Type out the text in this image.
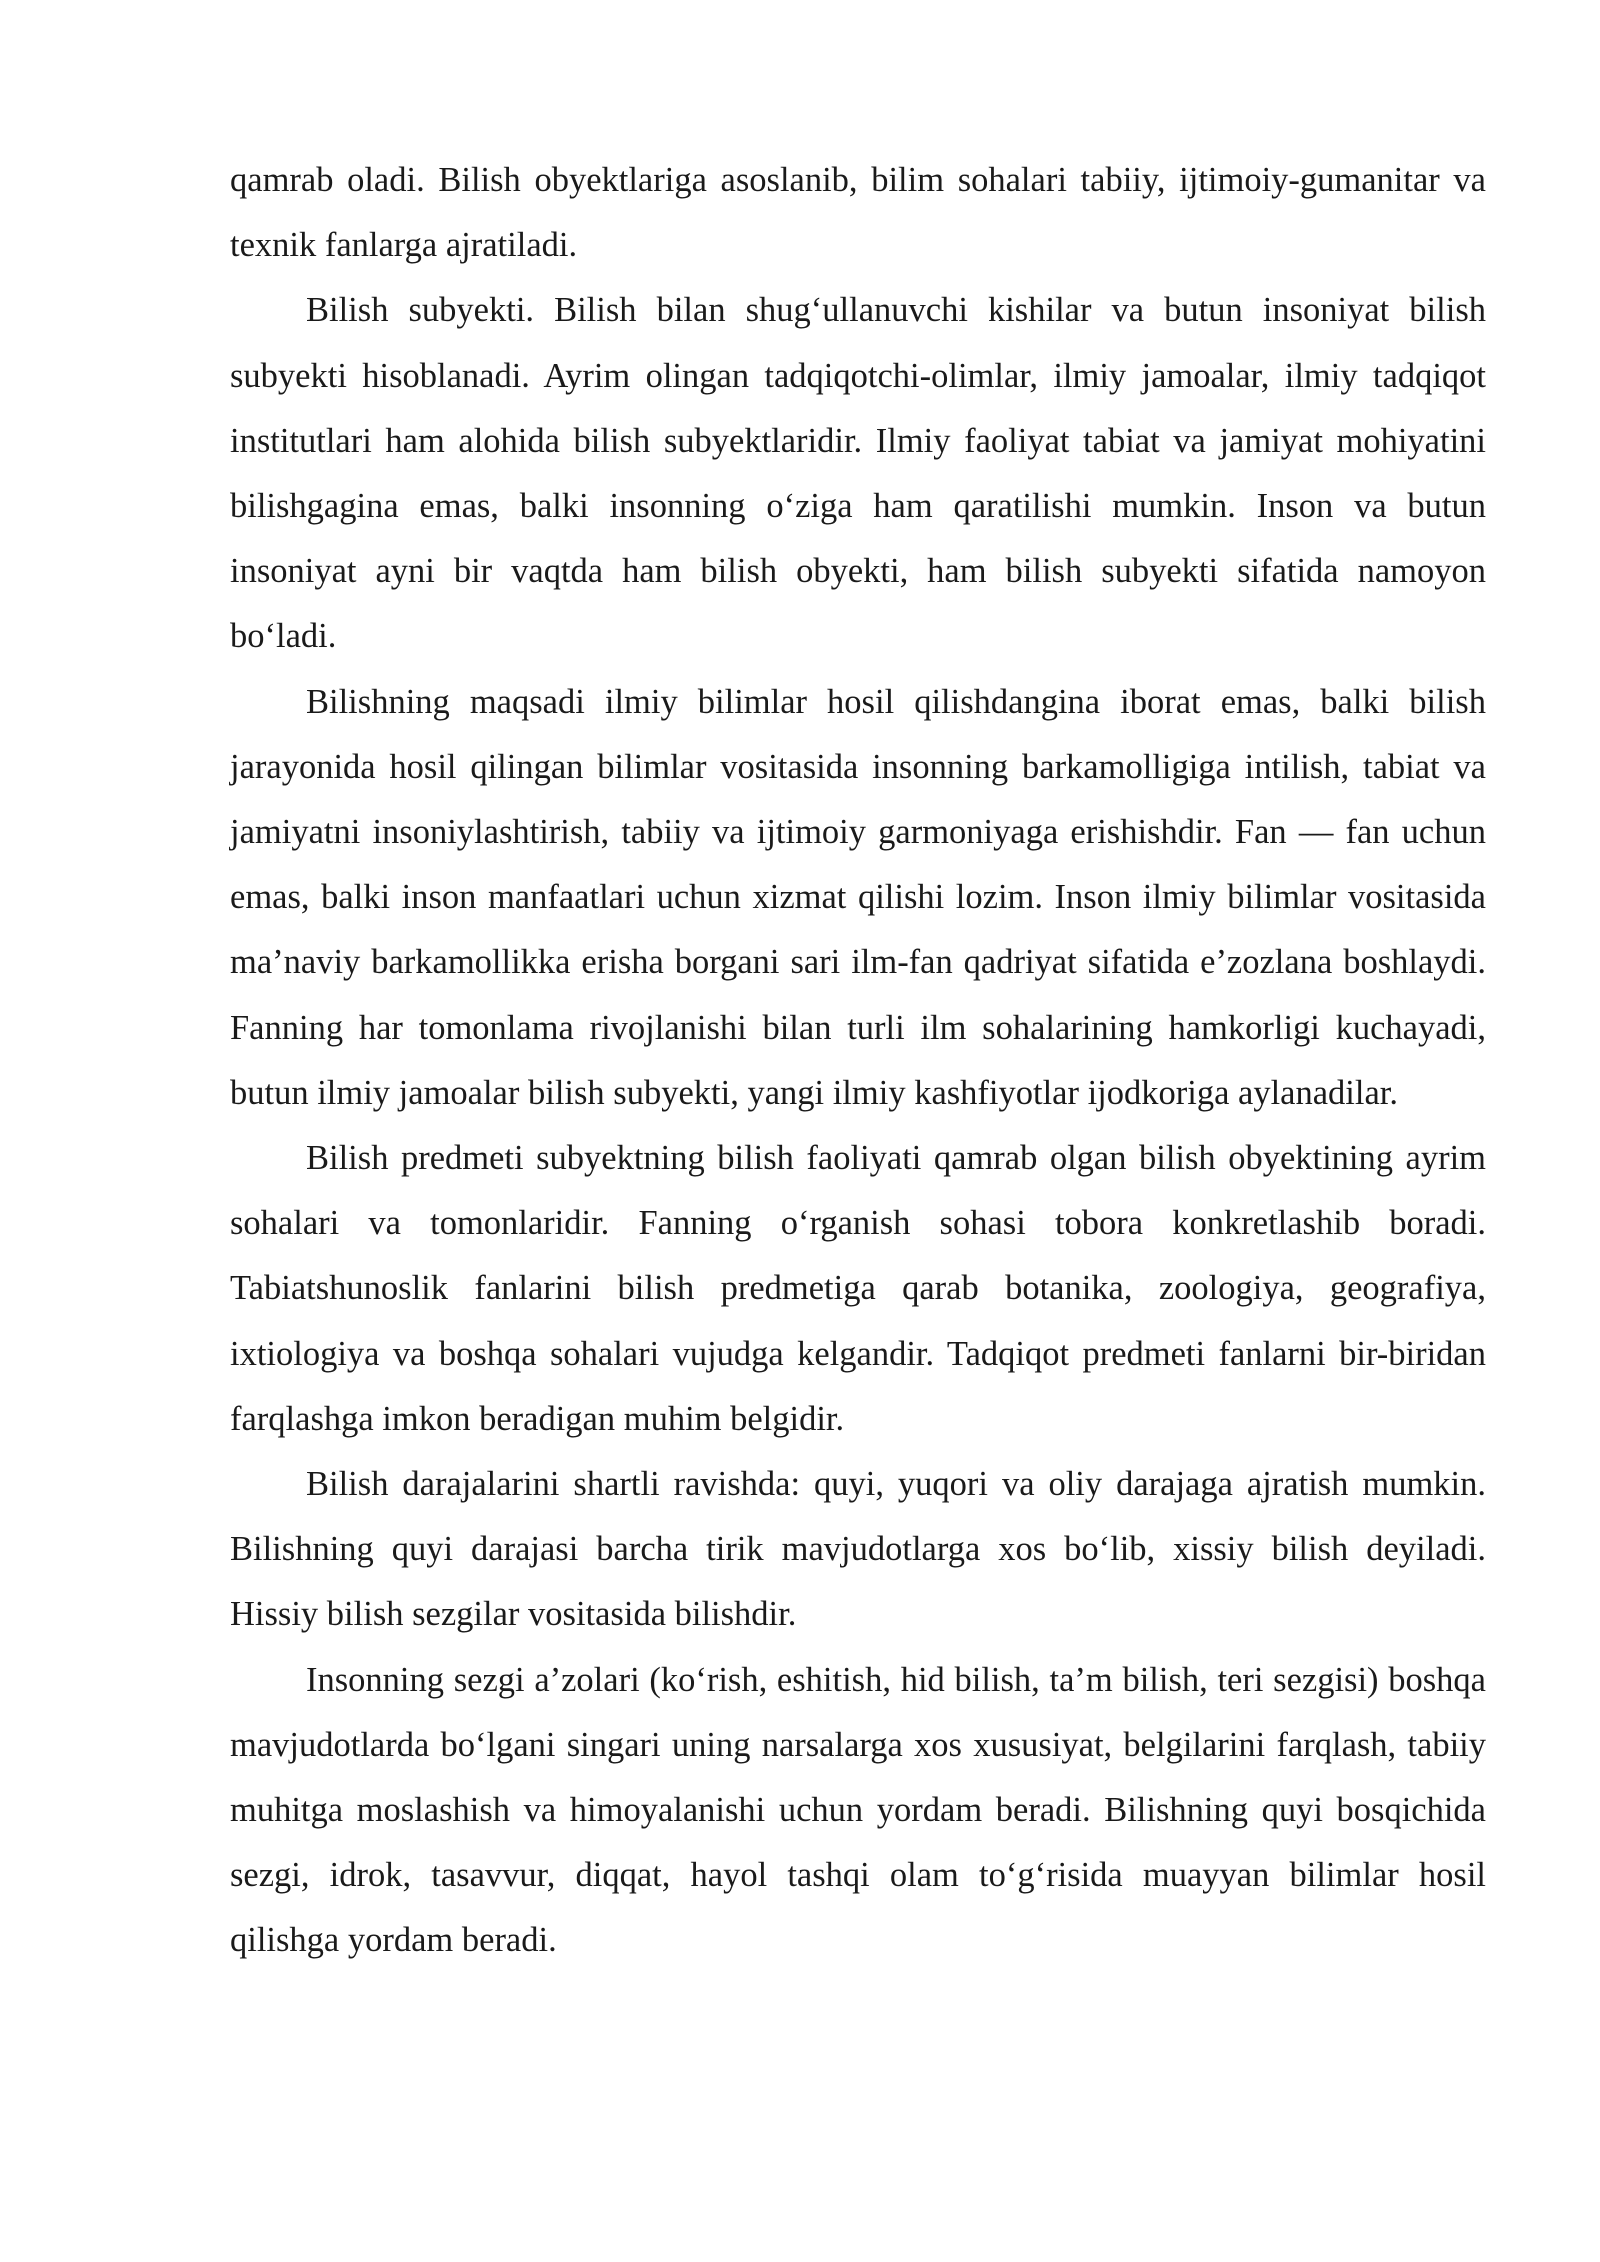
qamrab oladi. Bilish obyektlariga asoslanib, bilim sohalari tabiiy, ijtimoiy-gumanitar va texnik fanlarga ajratiladi.

Bilish subyekti. Bilish bilan shug‘ullanuvchi kishilar va butun insoniyat bilish subyekti hisoblanadi. Ayrim olingan tadqiqotchi-olimlar, ilmiy jamoalar, ilmiy tadqiqot institutlari ham alohida bilish subyektlaridir. Ilmiy faoliyat tabiat va jamiyat mohiyatini bilishgagina emas, balki insonning o‘ziga ham qaratilishi mumkin. Inson va butun insoniyat ayni bir vaqtda ham bilish obyekti, ham bilish subyekti sifatida namoyon bo‘ladi.

Bilishning maqsadi ilmiy bilimlar hosil qilishdangina iborat emas, balki bilish jarayonida hosil qilingan bilimlar vositasida insonning barkamolligiga intilish, tabiat va jamiyatni insoniylashtirish, tabiiy va ijtimoiy garmoniyaga erishishdir. Fan — fan uchun emas, balki inson manfaatlari uchun xizmat qilishi lozim. Inson ilmiy bilimlar vositasida ma’naviy barkamollikka erisha borgani sari ilm-fan qadriyat sifatida e’zozlana boshlaydi. Fanning har tomonlama rivojlanishi bilan turli ilm sohalarining hamkorligi kuchayadi, butun ilmiy jamoalar bilish subyekti, yangi ilmiy kashfiyotlar ijodkoriga aylanadilar.

Bilish predmeti subyektning bilish faoliyati qamrab olgan bilish obyektining ayrim sohalari va tomonlaridir. Fanning o‘rganish sohasi tobora konkretlashib boradi. Tabiatshunoslik fanlarini bilish predmetiga qarab botanika, zoologiya, geografiya, ixtiologiya va boshqa sohalari vujudga kelgandir. Tadqiqot predmeti fanlarni bir-biridan farqlashga imkon beradigan muhim belgidir.

Bilish darajalarini shartli ravishda: quyi, yuqori va oliy darajaga ajratish mumkin. Bilishning quyi darajasi barcha tirik mavjudotlarga xos bo‘lib, xissiy bilish deyiladi. Hissiy bilish sezgilar vositasida bilishdir.

Insonning sezgi a’zolari (ko‘rish, eshitish, hid bilish, ta’m bilish, teri sezgisi) boshqa mavjudotlarda bo‘lgani singari uning narsalarga xos xususiyat, belgilarini farqlash, tabiiy muhitga moslashish va himoyalanishi uchun yordam beradi. Bilishning quyi bosqichida sezgi, idrok, tasavvur, diqqat, hayol tashqi olam to‘g‘risida muayyan bilimlar hosil qilishga yordam beradi.
